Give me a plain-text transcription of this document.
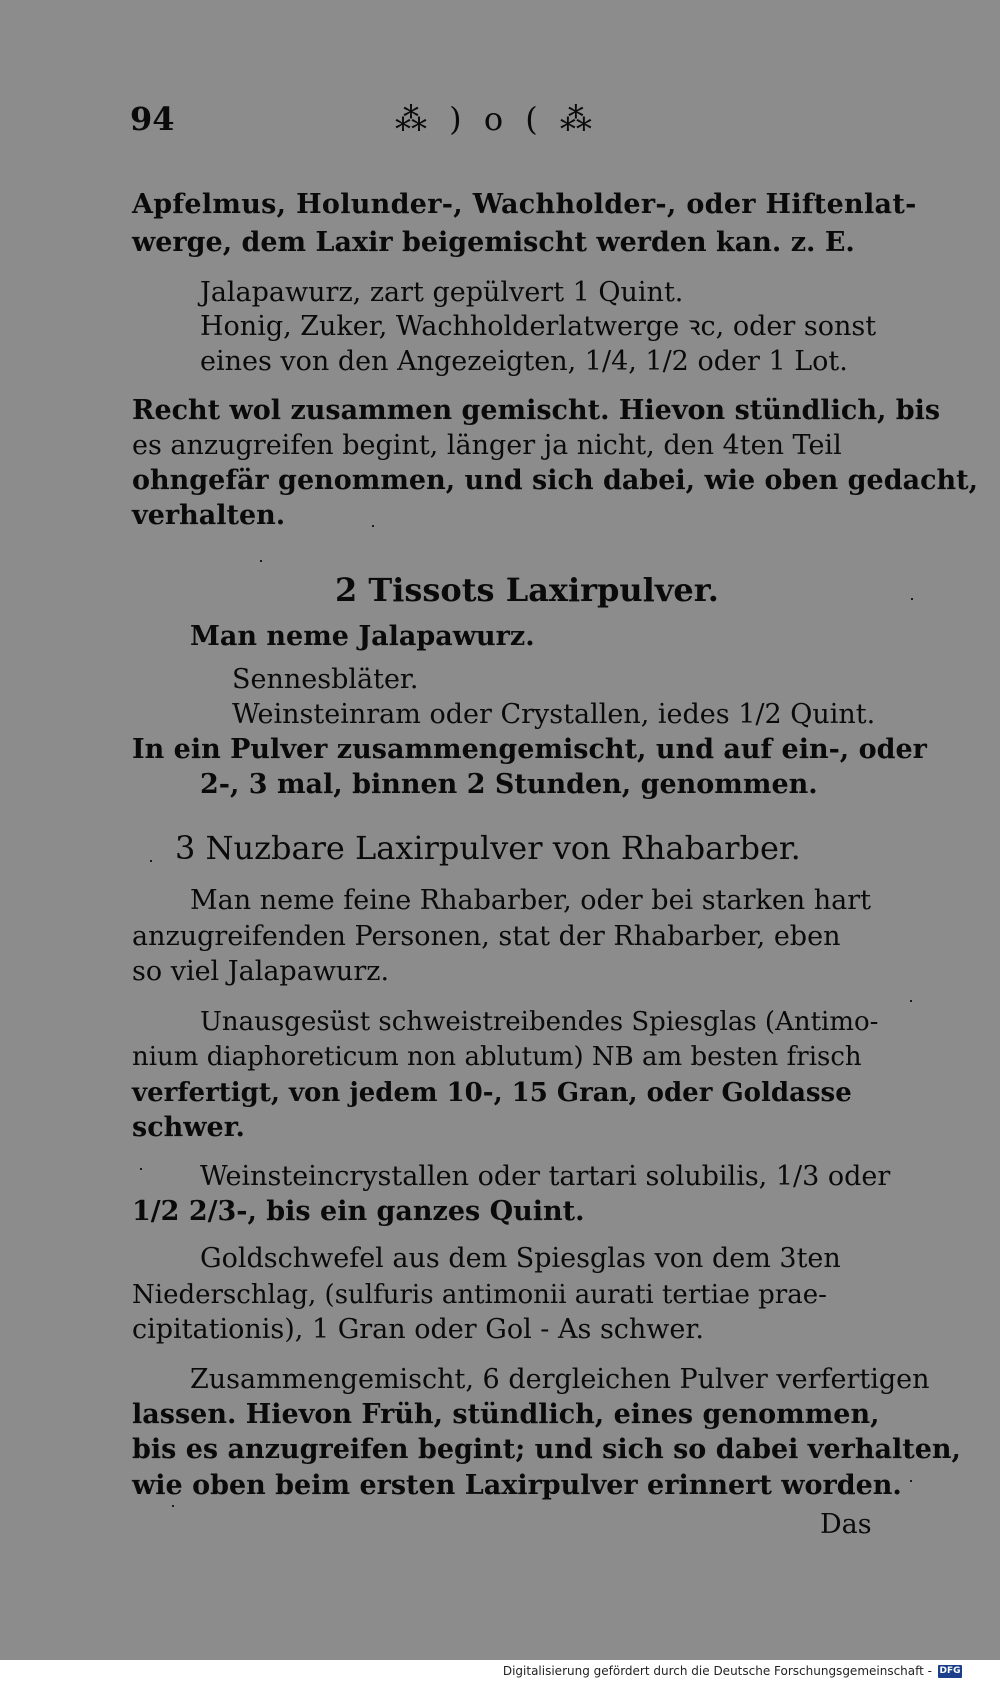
94	⁂ ) o ( ⁂
Apfelmus, Holunder-, Wachholder-, oder Hiftenlat-
werge, dem Laxir beigemischt werden kan. z. E.
Jalapawurz, zart gepülvert 1 Quint.
Honig, Zuker, Wachholderlatwerge ꝛc, oder sonst
eines von den Angezeigten, 1/4, 1/2 oder 1 Lot.
Recht wol zusammen gemischt. Hievon stündlich, bis
es anzugreifen begint, länger ja nicht, den 4ten Teil
ohngefär genommen, und sich dabei, wie oben gedacht,
verhalten.
2 Tissots Laxirpulver.
Man neme Jalapawurz.
Sennesbläter.
Weinsteinram oder Crystallen, iedes 1/2 Quint.
In ein Pulver zusammengemischt, und auf ein-, oder
2-, 3 mal, binnen 2 Stunden, genommen.
3 Nuzbare Laxirpulver von Rhabarber.
Man neme feine Rhabarber, oder bei starken hart
anzugreifenden Personen, stat der Rhabarber, eben
so viel Jalapawurz.
Unausgesüst schweistreibendes Spiesglas (Antimo-
nium diaphoreticum non ablutum) NB am besten frisch
verfertigt, von jedem 10-, 15 Gran, oder Goldasse
schwer.
Weinsteincrystallen oder tartari solubilis, 1/3 oder
1/2 2/3-, bis ein ganzes Quint.
Goldschwefel aus dem Spiesglas von dem 3ten
Niederschlag, (sulfuris antimonii aurati tertiae prae-
cipitationis), 1 Gran oder Gol - As schwer.
Zusammengemischt, 6 dergleichen Pulver verfertigen
lassen. Hievon Früh, stündlich, eines genommen,
bis es anzugreifen begint; und sich so dabei verhalten,
wie oben beim ersten Laxirpulver erinnert worden.
Das
Digitalisierung gefördert durch die Deutsche Forschungsgemeinschaft - DFG
